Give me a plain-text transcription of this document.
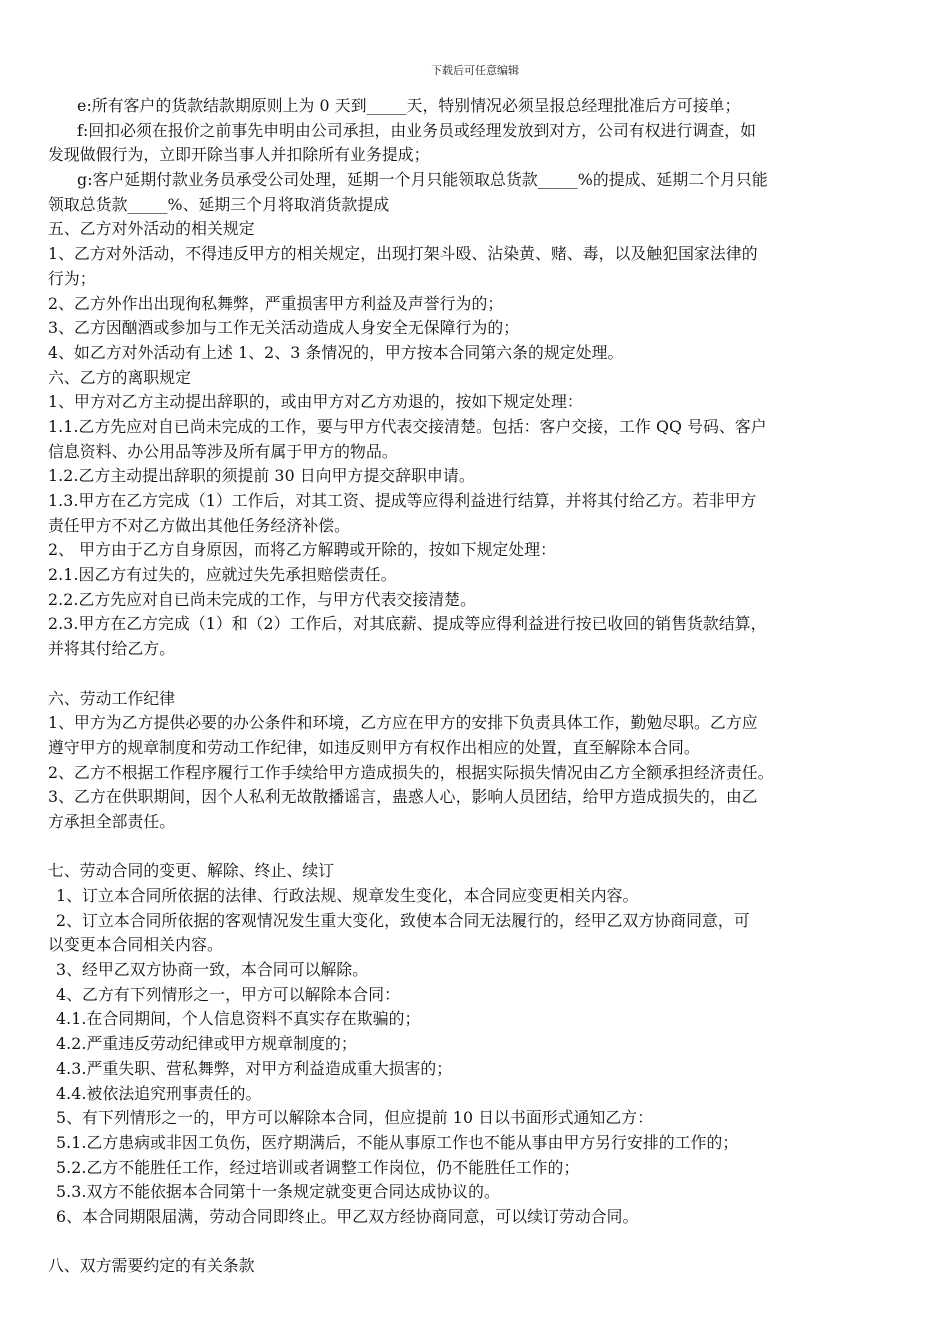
下载后可任意编辑
e:所有客户的货款结款期原则上为 0 天到_____天，特别情况必须呈报总经理批准后方可接单；
f:回扣必须在报价之前事先申明由公司承担，由业务员或经理发放到对方，公司有权进行调查，如
发现做假行为，立即开除当事人并扣除所有业务提成；
g:客户延期付款业务员承受公司处理，延期一个月只能领取总货款_____%的提成、延期二个月只能
领取总货款_____%、延期三个月将取消货款提成
五、乙方对外活动的相关规定
1、乙方对外活动，不得违反甲方的相关规定，出现打架斗殴、沾染黄、赌、毒，以及触犯国家法律的
行为；
2、乙方外作出出现徇私舞弊，严重损害甲方利益及声誉行为的；
3、乙方因酗酒或参加与工作无关活动造成人身安全无保障行为的；
4、如乙方对外活动有上述 1、2、3 条情况的，甲方按本合同第六条的规定处理。
六、乙方的离职规定
1、甲方对乙方主动提出辞职的，或由甲方对乙方劝退的，按如下规定处理：
1.1.乙方先应对自已尚未完成的工作，要与甲方代表交接清楚。包括：客户交接，工作 QQ 号码、客户
信息资料、办公用品等涉及所有属于甲方的物品。
1.2.乙方主动提出辞职的须提前 30 日向甲方提交辞职申请。
1.3.甲方在乙方完成（1）工作后，对其工资、提成等应得利益进行结算，并将其付给乙方。若非甲方
责任甲方不对乙方做出其他任务经济补偿。
2、 甲方由于乙方自身原因，而将乙方解聘或开除的，按如下规定处理：
2.1.因乙方有过失的，应就过失先承担赔偿责任。
2.2.乙方先应对自已尚未完成的工作，与甲方代表交接清楚。
2.3.甲方在乙方完成（1）和（2）工作后，对其底薪、提成等应得利益进行按已收回的销售货款结算，
并将其付给乙方。
六、劳动工作纪律
1、甲方为乙方提供必要的办公条件和环境，乙方应在甲方的安排下负责具体工作，勤勉尽职。乙方应
遵守甲方的规章制度和劳动工作纪律，如违反则甲方有权作出相应的处置，直至解除本合同。
2、乙方不根据工作程序履行工作手续给甲方造成损失的，根据实际损失情况由乙方全额承担经济责任。
3、乙方在供职期间，因个人私利无故散播谣言，蛊惑人心，影响人员团结，给甲方造成损失的，由乙
方承担全部责任。
七、劳动合同的变更、解除、终止、续订
1、订立本合同所依据的法律、行政法规、规章发生变化，本合同应变更相关内容。
2、订立本合同所依据的客观情况发生重大变化，致使本合同无法履行的，经甲乙双方协商同意，可
以变更本合同相关内容。
3、经甲乙双方协商一致，本合同可以解除。
4、乙方有下列情形之一，甲方可以解除本合同：
4.1.在合同期间，个人信息资料不真实存在欺骗的；
4.2.严重违反劳动纪律或甲方规章制度的；
4.3.严重失职、营私舞弊，对甲方利益造成重大损害的；
4.4.被依法追究刑事责任的。
5、有下列情形之一的，甲方可以解除本合同，但应提前 10 日以书面形式通知乙方：
5.1.乙方患病或非因工负伤，医疗期满后，不能从事原工作也不能从事由甲方另行安排的工作的；
5.2.乙方不能胜任工作，经过培训或者调整工作岗位，仍不能胜任工作的；
5.3.双方不能依据本合同第十一条规定就变更合同达成协议的。
6、本合同期限届满，劳动合同即终止。甲乙双方经协商同意，可以续订劳动合同。
八、双方需要约定的有关条款
